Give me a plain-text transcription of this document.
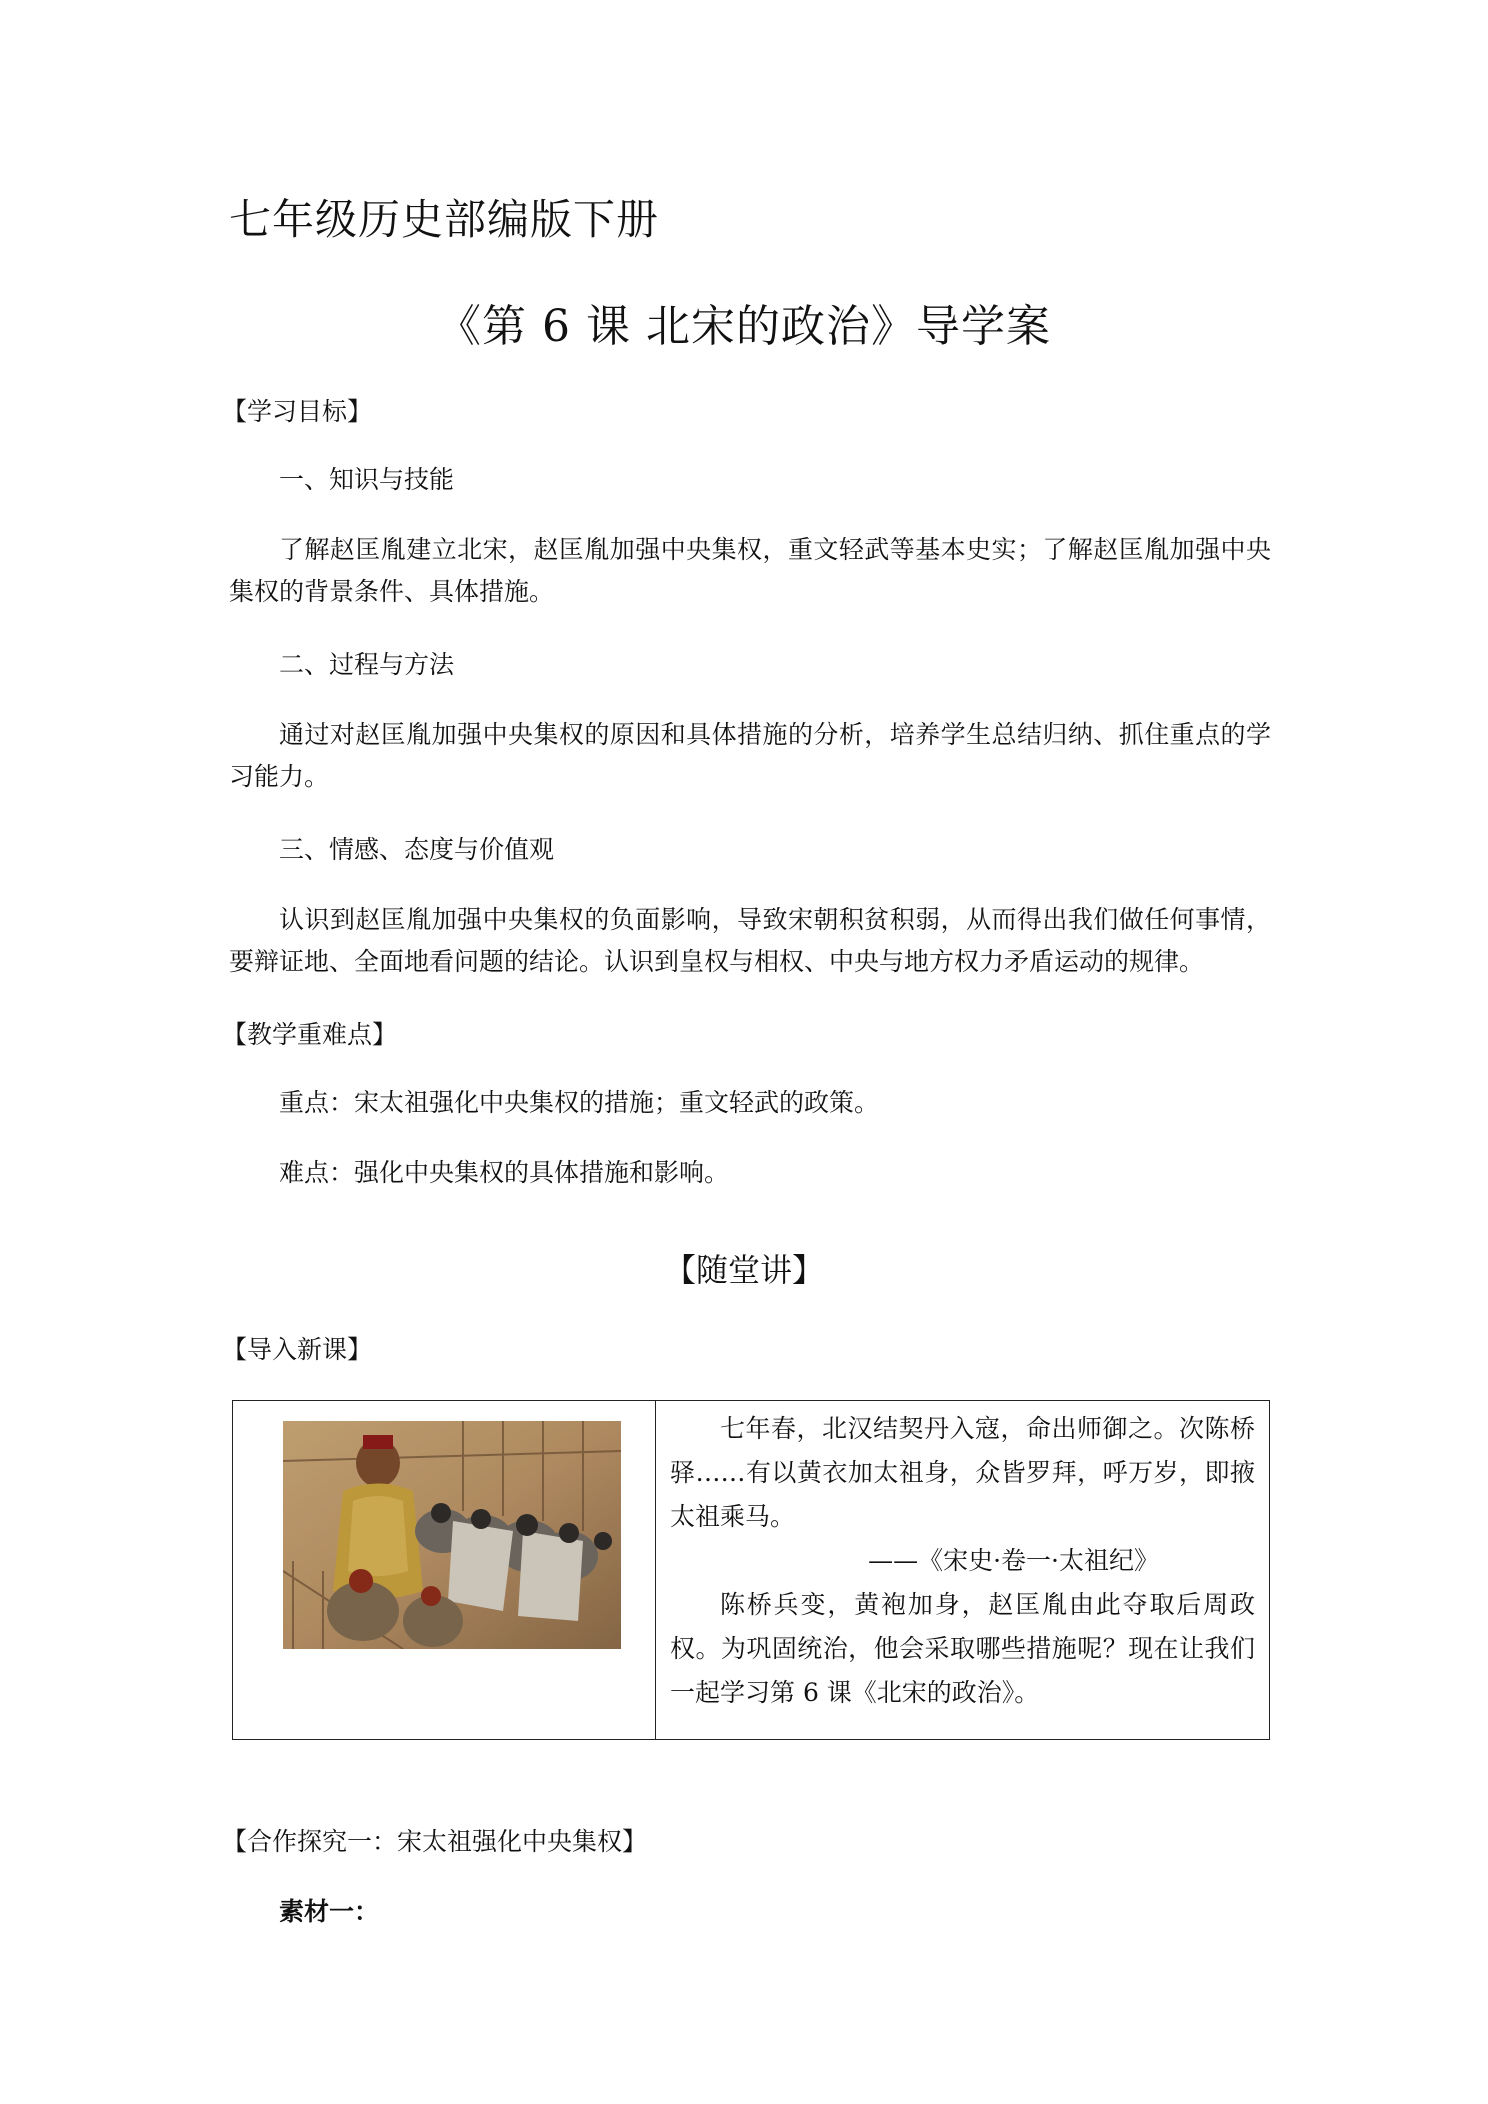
七年级历史部编版下册
《第 6 课 北宋的政治》导学案
【学习目标】
一、知识与技能
了解赵匡胤建立北宋，赵匡胤加强中央集权，重文轻武等基本史实；了解赵匡胤加强中央集权的背景条件、具体措施。
二、过程与方法
通过对赵匡胤加强中央集权的原因和具体措施的分析，培养学生总结归纳、抓住重点的学习能力。
三、情感、态度与价值观
认识到赵匡胤加强中央集权的负面影响，导致宋朝积贫积弱，从而得出我们做任何事情，要辩证地、全面地看问题的结论。认识到皇权与相权、中央与地方权力矛盾运动的规律。
【教学重难点】
重点：宋太祖强化中央集权的措施；重文轻武的政策。
难点：强化中央集权的具体措施和影响。
【随堂讲】
【导入新课】
七年春，北汉结契丹入寇，命出师御之。次陈桥驿……有以黄衣加太祖身，众皆罗拜，呼万岁，即掖太祖乘马。
——《宋史·卷一·太祖纪》
陈桥兵变，黄袍加身，赵匡胤由此夺取后周政权。为巩固统治，他会采取哪些措施呢？现在让我们一起学习第 6 课《北宋的政治》。
【合作探究一：宋太祖强化中央集权】
素材一：
